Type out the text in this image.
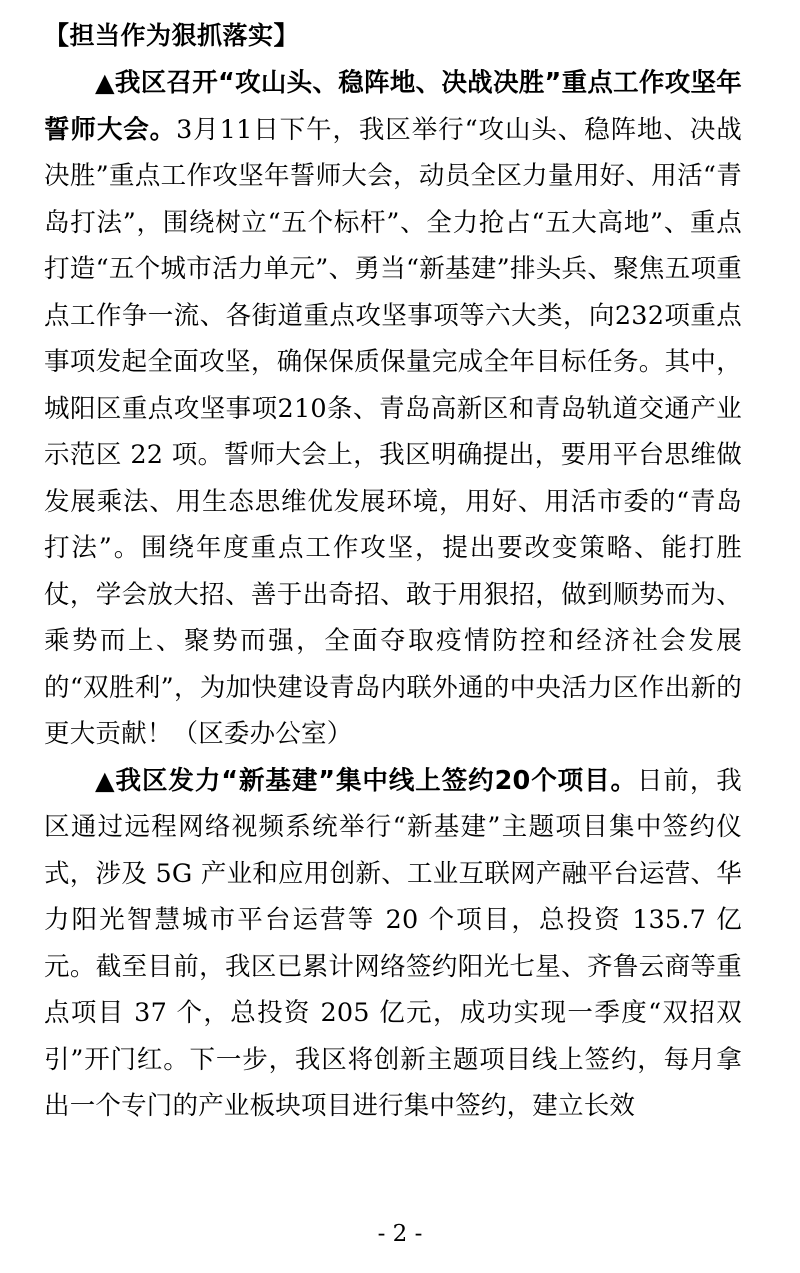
【担当作为狠抓落实】

▲我区召开“攻山头、稳阵地、决战决胜”重点工作攻坚年誓师大会。3月11日下午，我区举行“攻山头、稳阵地、决战决胜”重点工作攻坚年誓师大会，动员全区力量用好、用活“青岛打法”，围绕树立“五个标杆”、全力抢占“五大高地”、重点打造“五个城市活力单元”、勇当“新基建”排头兵、聚焦五项重点工作争一流、各街道重点攻坚事项等六大类，向232项重点事项发起全面攻坚，确保保质保量完成全年目标任务。其中，城阳区重点攻坚事项210条、青岛高新区和青岛轨道交通产业示范区 22 项。誓师大会上，我区明确提出，要用平台思维做发展乘法、用生态思维优发展环境，用好、用活市委的“青岛打法”。围绕年度重点工作攻坚，提出要改变策略、能打胜仗，学会放大招、善于出奇招、敢于用狠招，做到顺势而为、乘势而上、聚势而强，全面夺取疫情防控和经济社会发展的“双胜利”，为加快建设青岛内联外通的中央活力区作出新的更大贡献！（区委办公室）

▲我区发力“新基建”集中线上签约20个项目。日前，我区通过远程网络视频系统举行“新基建”主题项目集中签约仪式，涉及 5G 产业和应用创新、工业互联网产融平台运营、华力阳光智慧城市平台运营等 20 个项目，总投资 135.7 亿元。截至目前，我区已累计网络签约阳光七星、齐鲁云商等重点项目 37 个，总投资 205 亿元，成功实现一季度“双招双引”开门红。下一步，我区将创新主题项目线上签约，每月拿出一个专门的产业板块项目进行集中签约，建立长效

- 2 -
